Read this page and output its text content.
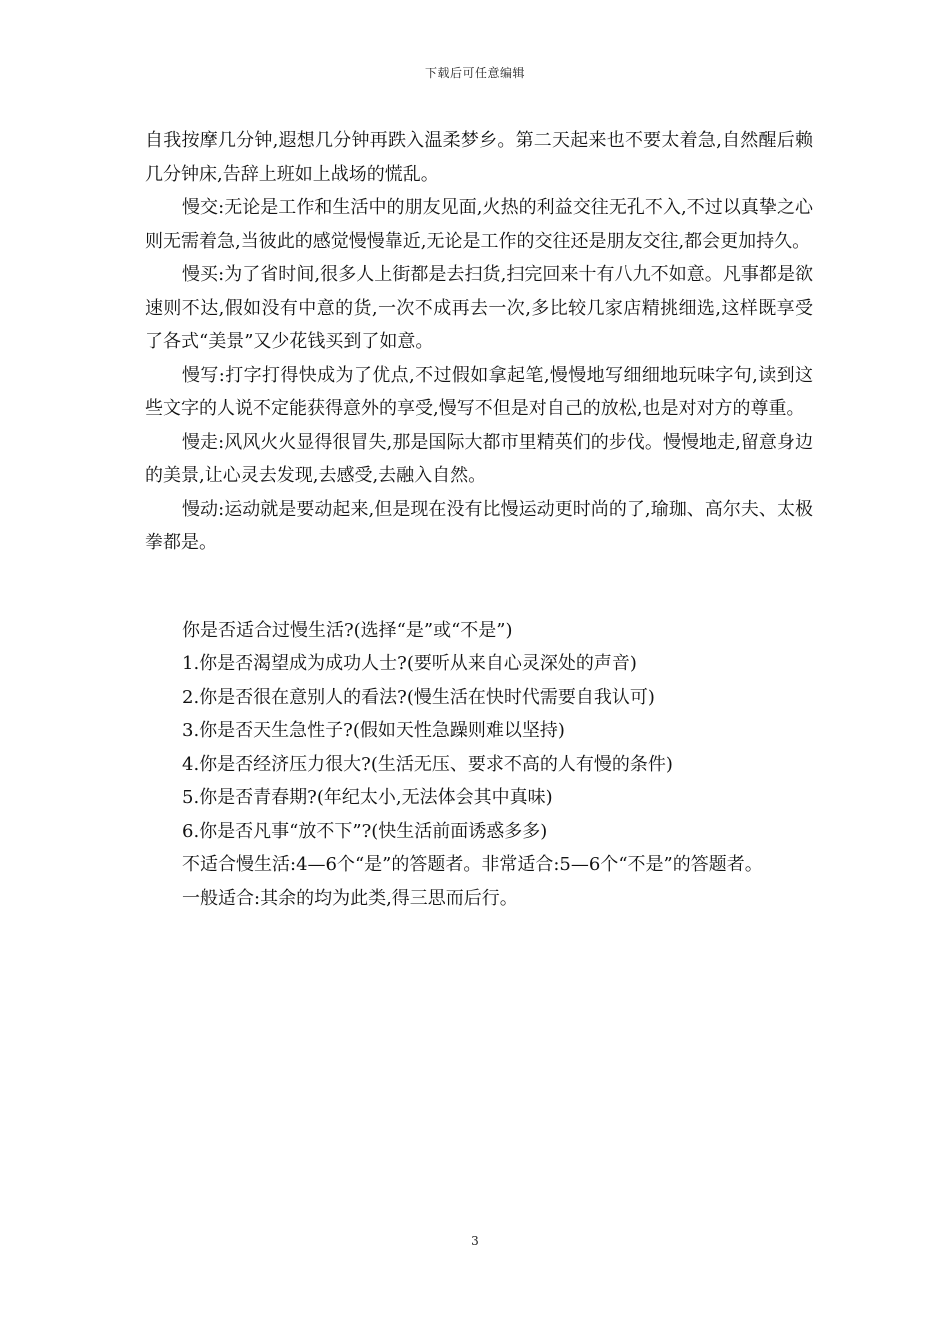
下载后可任意编辑

自我按摩几分钟,遐想几分钟再跌入温柔梦乡。第二天起来也不要太着急,自然醒后赖几分钟床,告辞上班如上战场的慌乱。

慢交:无论是工作和生活中的朋友见面,火热的利益交往无孔不入,不过以真挚之心则无需着急,当彼此的感觉慢慢靠近,无论是工作的交往还是朋友交往,都会更加持久。

慢买:为了省时间,很多人上街都是去扫货,扫完回来十有八九不如意。凡事都是欲速则不达,假如没有中意的货,一次不成再去一次,多比较几家店精挑细选,这样既享受了各式“美景”又少花钱买到了如意。

慢写:打字打得快成为了优点,不过假如拿起笔,慢慢地写细细地玩味字句,读到这些文字的人说不定能获得意外的享受,慢写不但是对自己的放松,也是对对方的尊重。

慢走:风风火火显得很冒失,那是国际大都市里精英们的步伐。慢慢地走,留意身边的美景,让心灵去发现,去感受,去融入自然。

慢动:运动就是要动起来,但是现在没有比慢运动更时尚的了,瑜珈、高尔夫、太极拳都是。

你是否适合过慢生活?(选择“是”或“不是”)

1.你是否渴望成为成功人士?(要听从来自心灵深处的声音)

2.你是否很在意别人的看法?(慢生活在快时代需要自我认可)

3.你是否天生急性子?(假如天性急躁则难以坚持)

4.你是否经济压力很大?(生活无压、要求不高的人有慢的条件)

5.你是否青春期?(年纪太小,无法体会其中真味)

6.你是否凡事“放不下”?(快生活前面诱惑多多)

不适合慢生活:4—6个“是”的答题者。非常适合:5—6个“不是”的答题者。

一般适合:其余的均为此类,得三思而后行。

3
